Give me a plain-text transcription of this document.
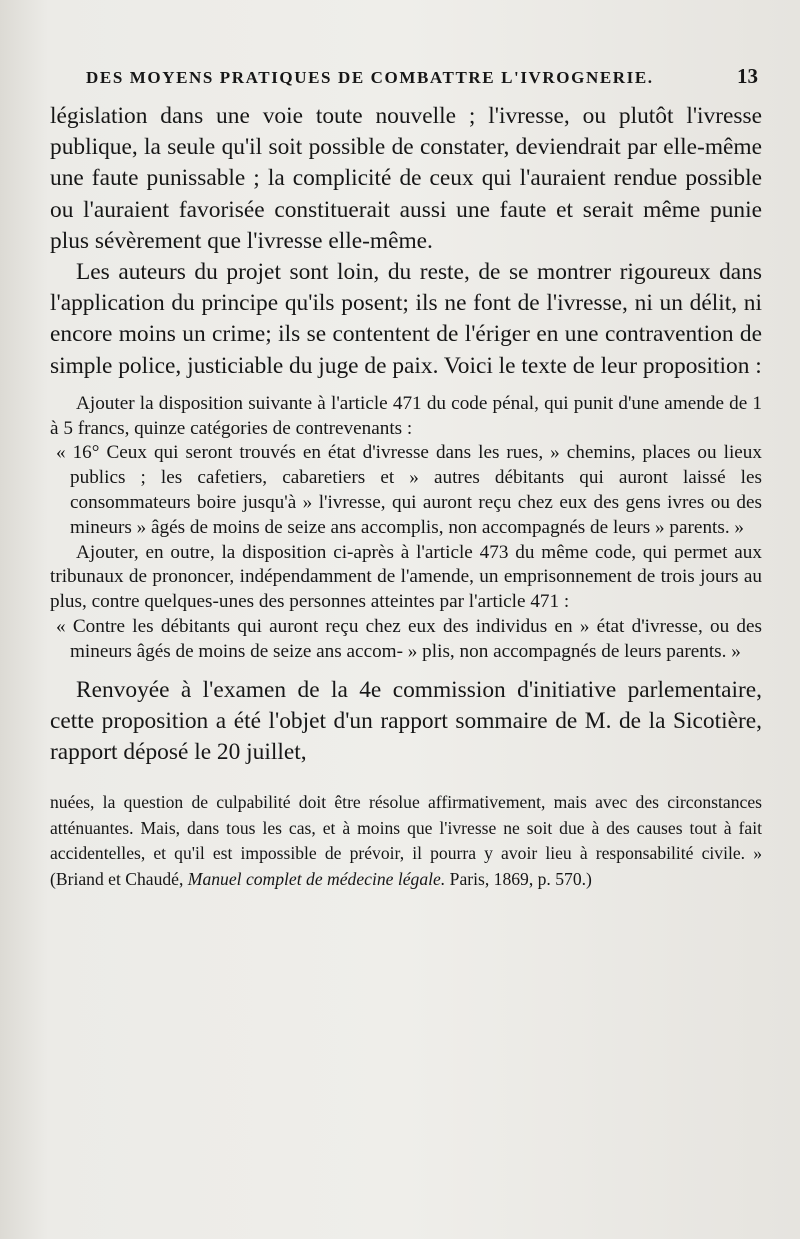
DES MOYENS PRATIQUES DE COMBATTRE L'IVROGNERIE.	13

législation dans une voie toute nouvelle ; l'ivresse, ou plutôt l'ivresse publique, la seule qu'il soit possible de constater, deviendrait par elle-même une faute punissable ; la complicité de ceux qui l'auraient rendue possible ou l'auraient favorisée constituerait aussi une faute et serait même punie plus sévèrement que l'ivresse elle-même.

Les auteurs du projet sont loin, du reste, de se montrer rigoureux dans l'application du principe qu'ils posent; ils ne font de l'ivresse, ni un délit, ni encore moins un crime; ils se contentent de l'ériger en une contravention de simple police, justiciable du juge de paix. Voici le texte de leur proposition :

Ajouter la disposition suivante à l'article 471 du code pénal, qui punit d'une amende de 1 à 5 francs, quinze catégories de contrevenants :

« 16° Ceux qui seront trouvés en état d'ivresse dans les rues, » chemins, places ou lieux publics ; les cafetiers, cabaretiers et » autres débitants qui auront laissé les consommateurs boire jusqu'à » l'ivresse, qui auront reçu chez eux des gens ivres ou des mineurs » âgés de moins de seize ans accomplis, non accompagnés de leurs » parents. »

Ajouter, en outre, la disposition ci-après à l'article 473 du même code, qui permet aux tribunaux de prononcer, indépendamment de l'amende, un emprisonnement de trois jours au plus, contre quelques-unes des personnes atteintes par l'article 471 :

« Contre les débitants qui auront reçu chez eux des individus en » état d'ivresse, ou des mineurs âgés de moins de seize ans accom- » plis, non accompagnés de leurs parents. »

Renvoyée à l'examen de la 4e commission d'initiative parlementaire, cette proposition a été l'objet d'un rapport sommaire de M. de la Sicotière, rapport déposé le 20 juillet,

nuées, la question de culpabilité doit être résolue affirmativement, mais avec des circonstances atténuantes. Mais, dans tous les cas, et à moins que l'ivresse ne soit due à des causes tout à fait accidentelles, et qu'il est impossible de prévoir, il pourra y avoir lieu à responsabilité civile. » (Briand et Chaudé, Manuel complet de médecine légale. Paris, 1869, p. 570.)
